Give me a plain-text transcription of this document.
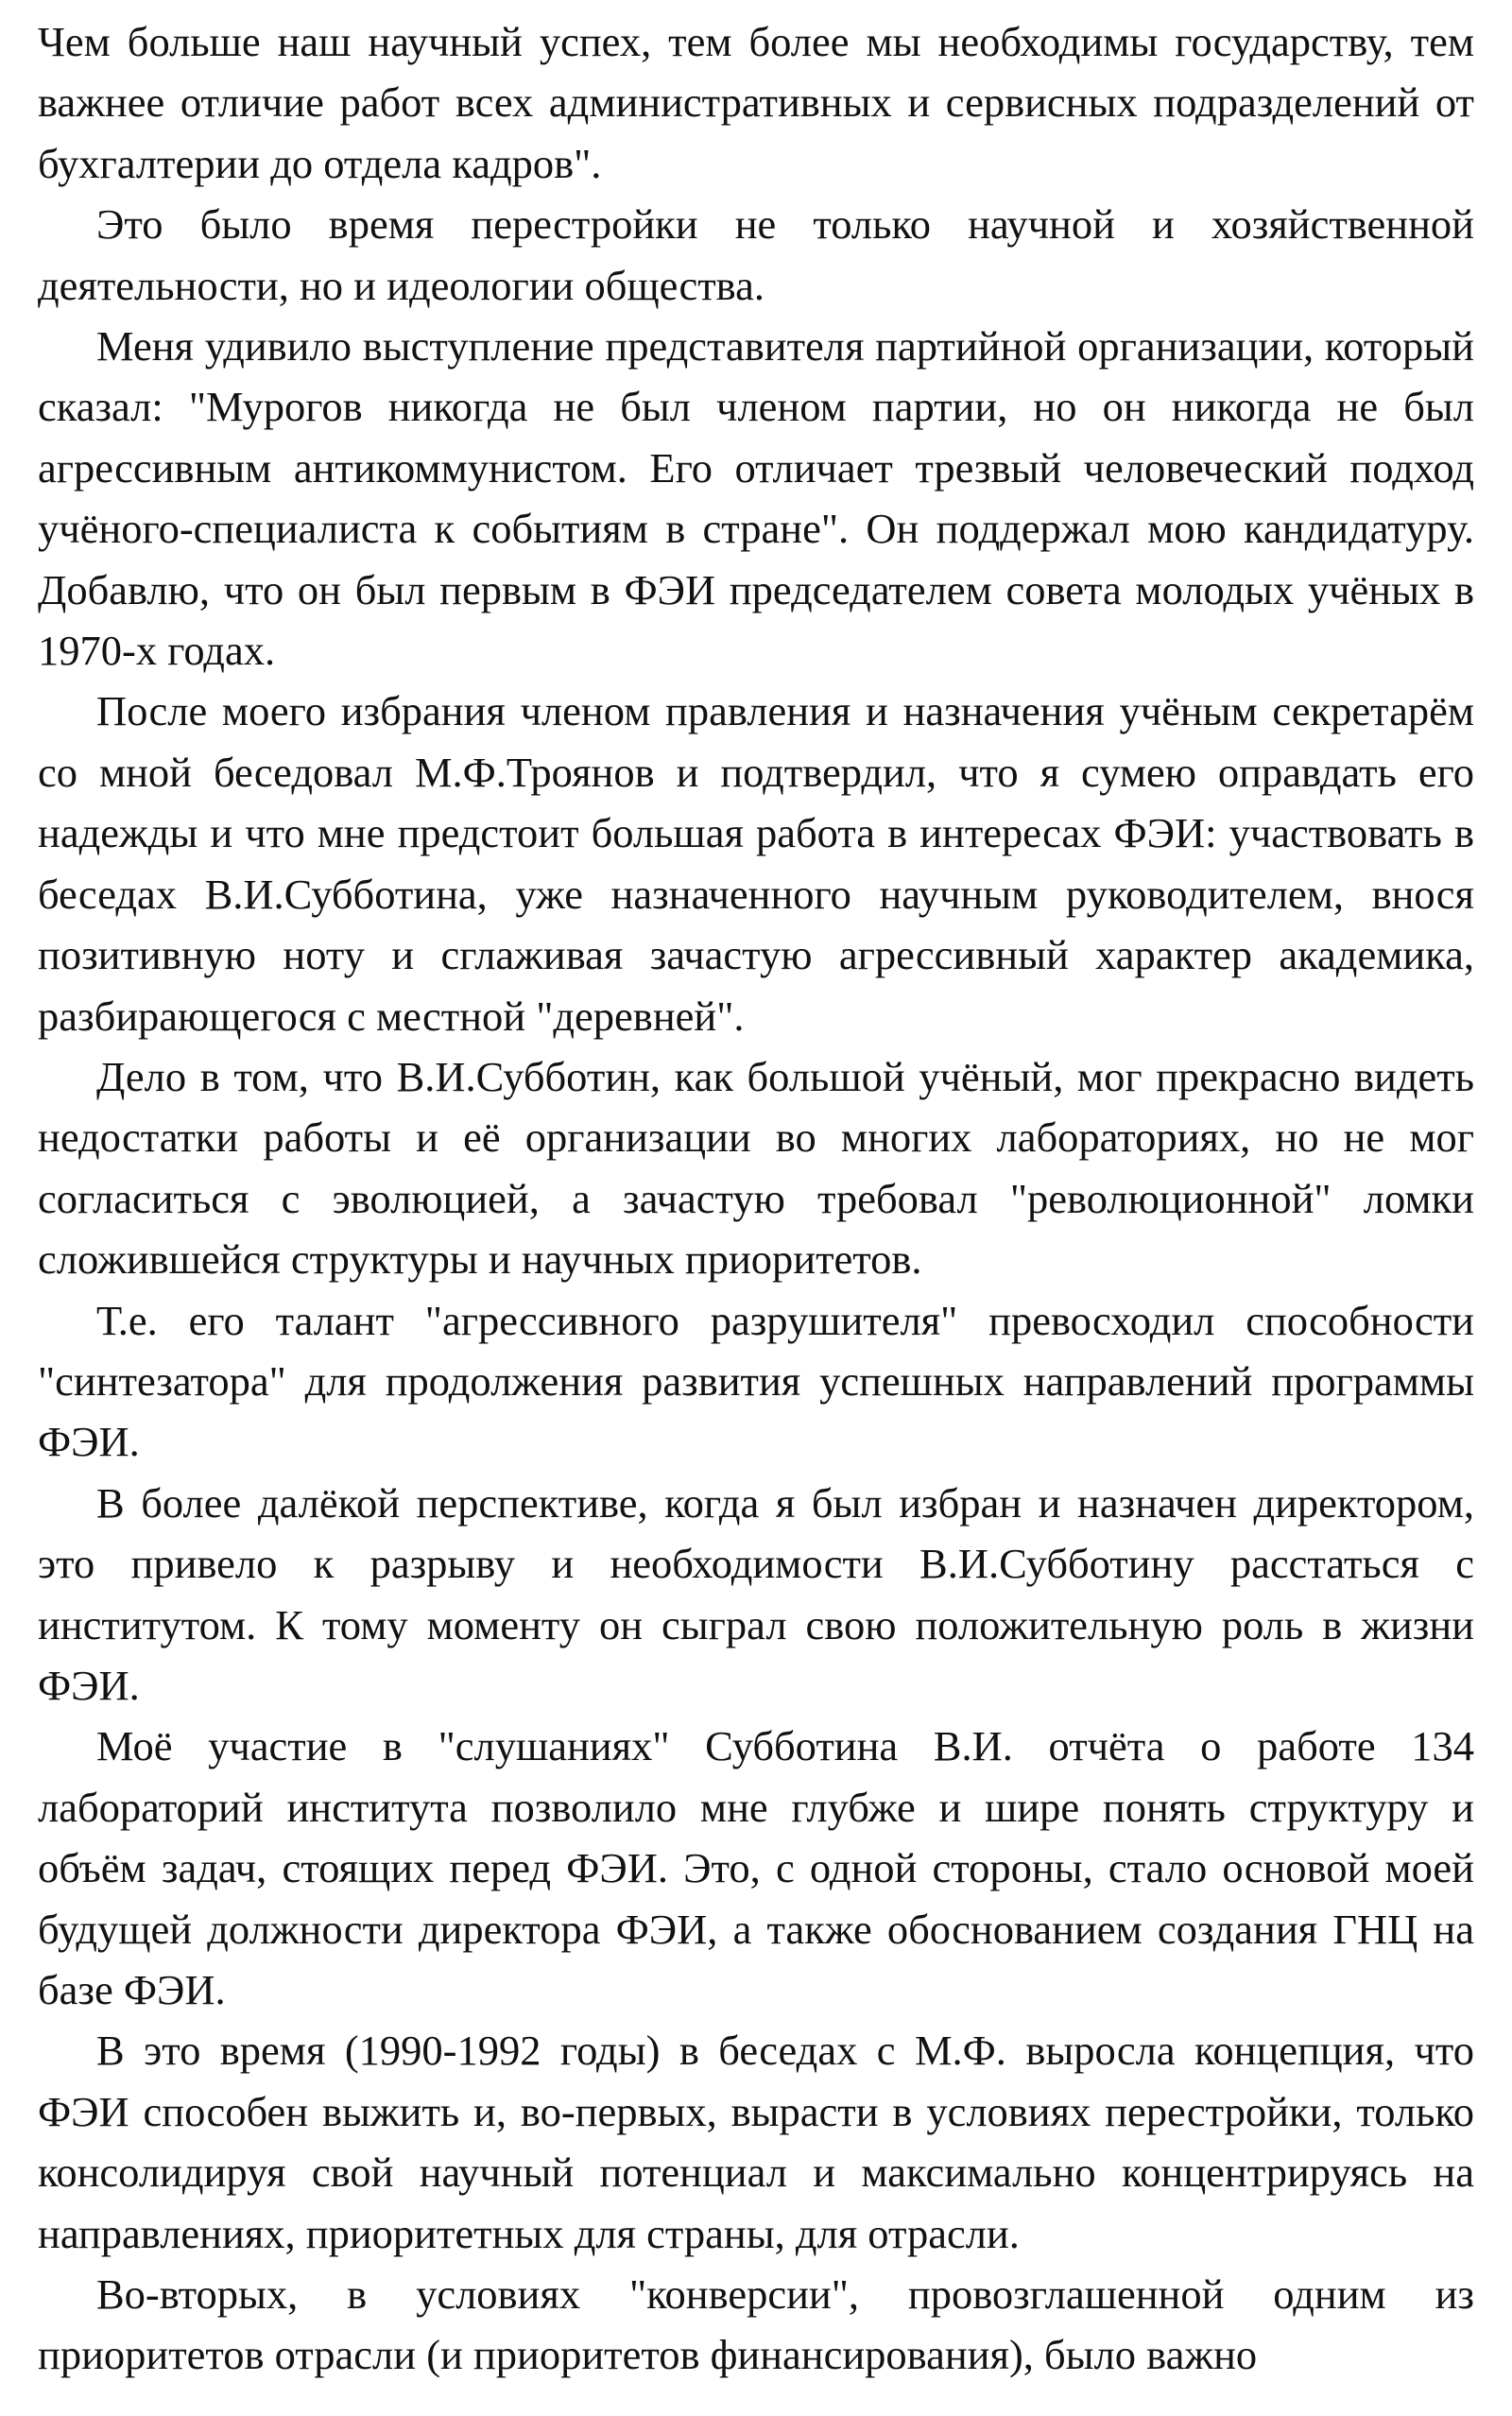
Чем больше наш научный успех, тем более мы необходимы государству, тем важнее отличие работ всех административных и сервисных подразделений от бухгалтерии до отдела кадров".

Это было время перестройки не только научной и хозяйственной деятельности, но и идеологии общества.

Меня удивило выступление представителя партийной организации, который сказал: "Мурогов никогда не был членом партии, но он никогда не был агрессивным антикоммунистом. Его отличает трезвый человеческий подход учёного-специалиста к событиям в стране". Он поддержал мою кандидатуру. Добавлю, что он был первым в ФЭИ председателем совета молодых учёных в 1970-х годах.

После моего избрания членом правления и назначения учёным секретарём со мной беседовал М.Ф.Троянов и подтвердил, что я сумею оправдать его надежды и что мне предстоит большая работа в интересах ФЭИ: участвовать в беседах В.И.Субботина, уже назначенного научным руководителем, внося позитивную ноту и сглаживая зачастую агрессивный характер академика, разбирающегося с местной "деревней".

Дело в том, что В.И.Субботин, как большой учёный, мог прекрасно видеть недостатки работы и её организации во многих лабораториях, но не мог согласиться с эволюцией, а зачастую требовал "революционной" ломки сложившейся структуры и научных приоритетов.

Т.е. его талант "агрессивного разрушителя" превосходил способности "синтезатора" для продолжения развития успешных направлений программы ФЭИ.

В более далёкой перспективе, когда я был избран и назначен директором, это привело к разрыву и необходимости В.И.Субботину расстаться с институтом. К тому моменту он сыграл свою положительную роль в жизни ФЭИ.

Моё участие в "слушаниях" Субботина В.И. отчёта о работе 134 лабораторий института позволило мне глубже и шире понять структуру и объём задач, стоящих перед ФЭИ. Это, с одной стороны, стало основой моей будущей должности директора ФЭИ, а также обоснованием создания ГНЦ на базе ФЭИ.

В это время (1990-1992 годы) в беседах с М.Ф. выросла концепция, что ФЭИ способен выжить и, во-первых, вырасти в условиях перестройки, только консолидируя свой научный потенциал и максимально концентрируясь на направлениях, приоритетных для страны, для отрасли.

Во-вторых, в условиях "конверсии", провозглашенной одним из приоритетов отрасли (и приоритетов финансирования), было важно
